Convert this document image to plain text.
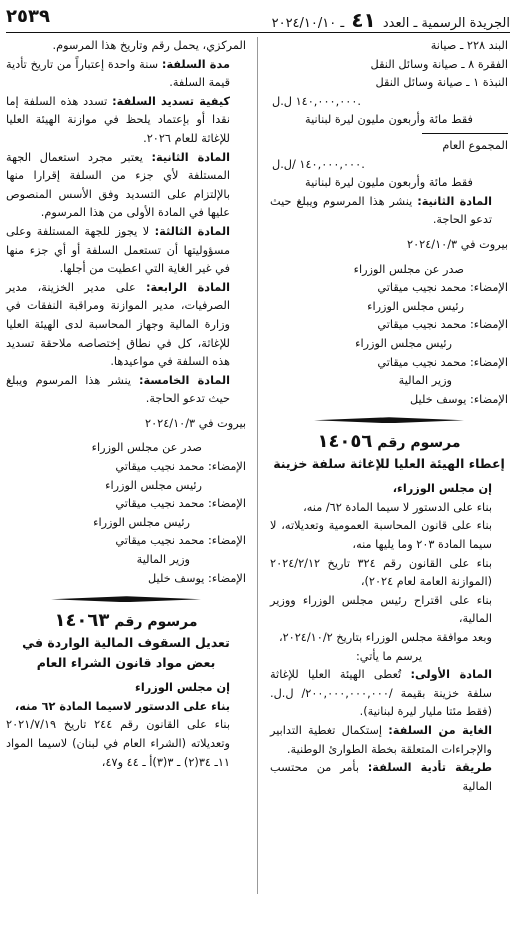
٢٥٣٩	الجريدة الرسمية ـ العدد ٤١ ـ ٢٠٢٤/١٠/١٠

البند ٢٢٨ ـ صيانة

الفقرة ٨ ـ صيانة وسائل النقل

النبذة ١ ـ صيانة وسائل النقل

١٤٠,٠٠٠,٠٠٠ ل.ل.

فقط مائة وأربعون مليون ليرة لبنانية

المجموع العام

١٤٠,٠٠٠,٠٠٠ /ل.ل.

فقط مائة وأربعون مليون ليرة لبنانية

المادة الثانية: ينشر هذا المرسوم ويبلغ حيث تدعو الحاجة.

بيروت في ٢٠٢٤/١٠/٣

صدر عن مجلس الوزراء

الإمضاء: محمد نجيب ميقاتي

رئيس مجلس الوزراء

الإمضاء: محمد نجيب ميقاتي

رئيس مجلس الوزراء

الإمضاء: محمد نجيب ميقاتي

وزير المالية

الإمضاء: يوسف خليل

مرسوم رقم ١٤٠٥٦

إعطاء الهيئة العليا للإغاثة سلفة خزينة

إن مجلس الوزراء،

بناء على الدستور لا سيما المادة ٦٢/ منه،

بناء على قانون المحاسبة العمومية وتعديلاته، لا سيما المادة ٢٠٣ وما يليها منه،

بناء على القانون رقم ٣٢٤ تاريخ ٢٠٢٤/٢/١٢ (الموازنة العامة لعام ٢٠٢٤)،

بناء على اقتراح رئيس مجلس الوزراء ووزير المالية،

وبعد موافقة مجلس الوزراء بتاريخ ٢٠٢٤/١٠/٢،

يرسم ما يأتي:

المادة الأولى: تُعطى الهيئة العليا للإغاثة سلفة خزينة بقيمة /٢٠٠,٠٠٠,٠٠٠,٠٠٠/ ل.ل. (فقط مئتا مليار ليرة لبنانية).

الغاية من السلفة: إستكمال تغطية التدابير والإجراءات المتعلقة بخطة الطوارئ الوطنية.

طريقة تأدية السلفة: بأمر من محتسب المالية

المركزي، يحمل رقم وتاريخ هذا المرسوم.

مدة السلفة: سنة واحدة إعتباراً من تاريخ تأدية قيمة السلفة.

كيفية تسديد السلفة: تسدد هذه السلفة إما نقدا أو بإعتماد يلحظ في موازنة الهيئة العليا للإغاثة للعام ٢٠٢٦.

المادة الثانية: يعتبر مجرد استعمال الجهة المستلفة لأي جزء من السلفة إقرارا منها بالإلتزام على التسديد وفق الأسس المنصوص عليها في المادة الأولى من هذا المرسوم.

المادة الثالثة: لا يجوز للجهة المستلفة وعلى مسؤوليتها أن تستعمل السلفة أو أي جزء منها في غير الغاية التي اعطيت من أجلها.

المادة الرابعة: على مدير الخزينة، مدير الصرفيات، مدير الموازنة ومراقبة النفقات في وزارة المالية وجهاز المحاسبة لدى الهيئة العليا للإغاثة، كل في نطاق إختصاصه ملاحقة تسديد هذه السلفة في مواعيدها.

المادة الخامسة: ينشر هذا المرسوم ويبلغ حيث تدعو الحاجة.

بيروت في ٢٠٢٤/١٠/٣

صدر عن مجلس الوزراء

الإمضاء: محمد نجيب ميقاتي

رئيس مجلس الوزراء

الإمضاء: محمد نجيب ميقاتي

رئيس مجلس الوزراء

الإمضاء: محمد نجيب ميقاتي

وزير المالية

الإمضاء: يوسف خليل

مرسوم رقم ١٤٠٦٣

تعديل السقوف المالية الواردة في بعض مواد قانون الشراء العام

إن مجلس الوزراء

بناء على الدستور لاسيما المادة ٦٢ منه،

بناء على القانون رقم ٢٤٤ تاريخ ٢٠٢١/٧/١٩ وتعديلاته (الشراء العام في لبنان) لاسيما المواد ١١ـ ٣٤(٢) ـ ٣(٣)أ ـ ٤٤ و٤٧،
